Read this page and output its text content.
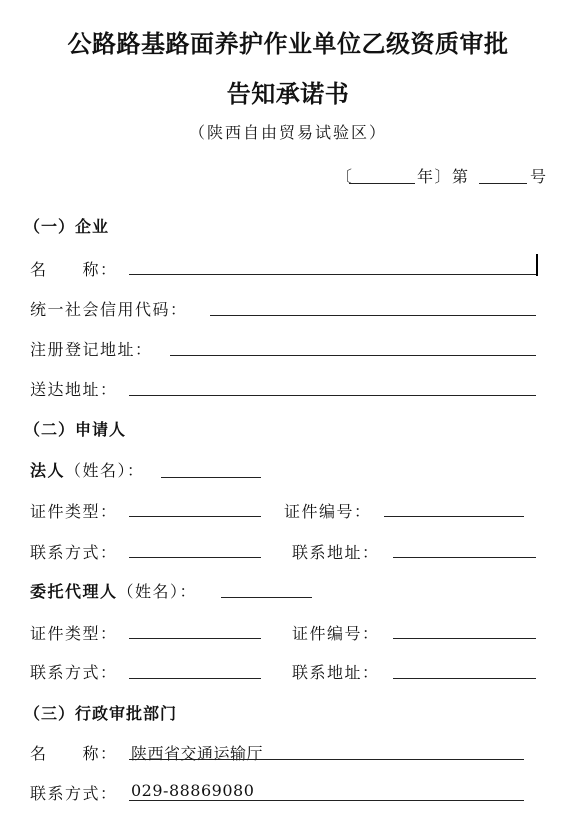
公路路基路面养护作业单位乙级资质审批
告知承诺书
（陕西自由贸易试验区）
〔	年〕第	号
（一）企业
名　　称：
统一社会信用代码：
注册登记地址：
送达地址：
（二）申请人
法人（姓名）：
证件类型：	证件编号：
联系方式：	联系地址：
委托代理人（姓名）：
证件类型：	证件编号：
联系方式：	联系地址：
（三）行政审批部门
名　　称： 陕西省交通运输厅
联系方式： 029-88869080
